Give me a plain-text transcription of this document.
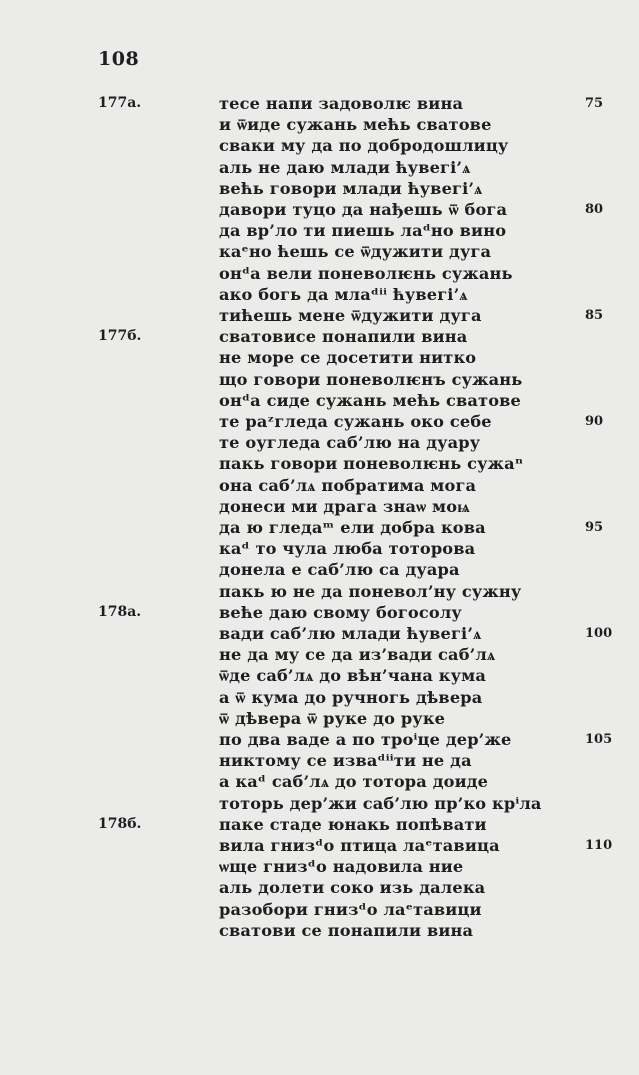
108
177a.	тесе напи задоволѥ вина	75
и ѿиде сужань мећь сватове
сваки му да по добродошлицу
аль не даю млади ћувегі’ѧ
већь говори млади ћувегі’ѧ
давори туцо да нађешь ѿ бога	80
да вр’ло ти пиешь лаᵈно вино
каᵉно ћешь се ѿдужити дуга
онᵈа вели поневолѥнь сужань
ако богь да млаᵈⁱⁱ ћувегі’ѧ
тићешь мене ѿдужити дуга	85
177б.	сватовисе понапили вина
не море се досетити нитко
що говори поневолѥнъ сужань
онᵈа сиде сужань мећь сватове
те раᶻгледа сужань око себе	90
те оугледа саб’лю на дуару
пакь говори поневолѥнь сужаⁿ
она саб’лѧ побратима мога
донеси ми драга знаѡ моѩ
да ю гледаᵐ ели добра кова	95
каᵈ то чула люба тоторова
донела е саб’лю са дуара
пакь ю не да поневол’ну сужну
178a.	веће даю свому богосолу
вади саб’лю млади ћувегі’ѧ	100
не да му се да из’вади саб’лѧ
ѿде саб’лѧ до вѣн’чана кума
а ѿ кума до ручногь дѣвера
ѿ дѣвера ѿ руке до руке
по два ваде а по троⁱце дер’же	105
никтому се изваᵈⁱⁱти не да
а каᵈ саб’лѧ до тотора доиде
тоторь дер’жи саб’лю пр’ко крⁱла
178б.	паке стаде юнакь попѣвати
вила гнизᵈо птица лаᵉтавица	110
ѡще гнизᵈо надовила ние
аль долети соко изь далека
разобори гнизᵈо лаᵉтавици
сватови се понапили вина
